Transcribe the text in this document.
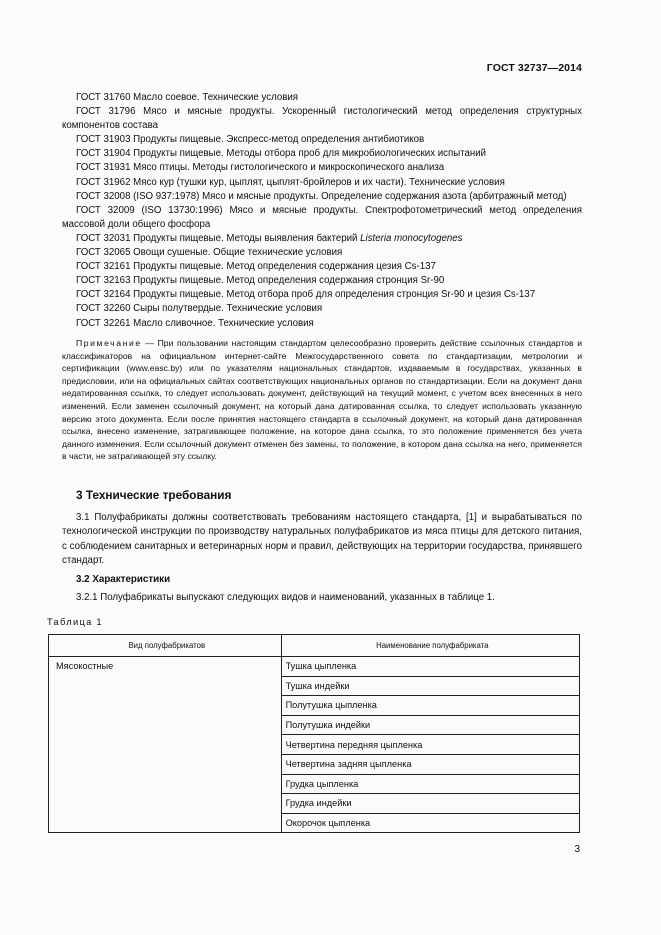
ГОСТ 32737—2014
ГОСТ 31760 Масло соевое. Технические условия
ГОСТ 31796 Мясо и мясные продукты. Ускоренный гистологический метод определения структурных компонентов состава
ГОСТ 31903 Продукты пищевые. Экспресс-метод определения антибиотиков
ГОСТ 31904 Продукты пищевые. Методы отбора проб для микробиологических испытаний
ГОСТ 31931 Мясо птицы. Методы гистологического и микроскопического анализа
ГОСТ 31962 Мясо кур (тушки кур, цыплят, цыплят-бройлеров и их части). Технические условия
ГОСТ 32008 (ISO 937:1978) Мясо и мясные продукты. Определение содержания азота (арбитражный метод)
ГОСТ 32009 (ISO 13730:1996) Мясо и мясные продукты. Спектрофотометрический метод определения массовой доли общего фосфора
ГОСТ 32031 Продукты пищевые. Методы выявления бактерий Listeria monocytogenes
ГОСТ 32065 Овощи сушеные. Общие технические условия
ГОСТ 32161 Продукты пищевые. Метод определения содержания цезия Cs-137
ГОСТ 32163 Продукты пищевые. Метод определения содержания стронция Sr-90
ГОСТ 32164 Продукты пищевые. Метод отбора проб для определения стронция Sr-90 и цезия Cs-137
ГОСТ 32260 Сыры полутвердые. Технические условия
ГОСТ 32261 Масло сливочное. Технические условия
Примечание — При пользовании настоящим стандартом целесообразно проверить действие ссылочных стандартов и классификаторов на официальном интернет-сайте Межгосударственного совета по стандартизации, метрологии и сертификации (www.easc.by) или по указателям национальных стандартов, издаваемым в государствах, указанных в предисловии, или на официальных сайтах соответствующих национальных органов по стандартизации. Если на документ дана недатированная ссылка, то следует использовать документ, действующий на текущий момент, с учетом всех внесенных в него изменений. Если заменен ссылочный документ, на который дана датированная ссылка, то следует использовать указанную версию этого документа. Если после принятия настоящего стандарта в ссылочный документ, на который дана датированная ссылка, внесено изменение, затрагивающее положение, на которое дана ссылка, то это положение применяется без учета данного изменения. Если ссылочный документ отменен без замены, то положение, в котором дана ссылка на него, применяется в части, не затрагивающей эту ссылку.
3 Технические требования
3.1 Полуфабрикаты должны соответствовать требованиям настоящего стандарта, [1] и вырабатываться по технологической инструкции по производству натуральных полуфабрикатов из мяса птицы для детского питания, с соблюдением санитарных и ветеринарных норм и правил, действующих на территории государства, принявшего стандарт.
3.2 Характеристики
3.2.1 Полуфабрикаты выпускают следующих видов и наименований, указанных в таблице 1.
Таблица 1
Вид полуфабрикатов	Наименование полуфабриката
Мясокостные	Тушка цыпленка
	Тушка индейки
	Полутушка цыпленка
	Полутушка индейки
	Четвертина передняя цыпленка
	Четвертина задняя цыпленка
	Грудка цыпленка
	Грудка индейки
	Окорочок цыпленка
3
